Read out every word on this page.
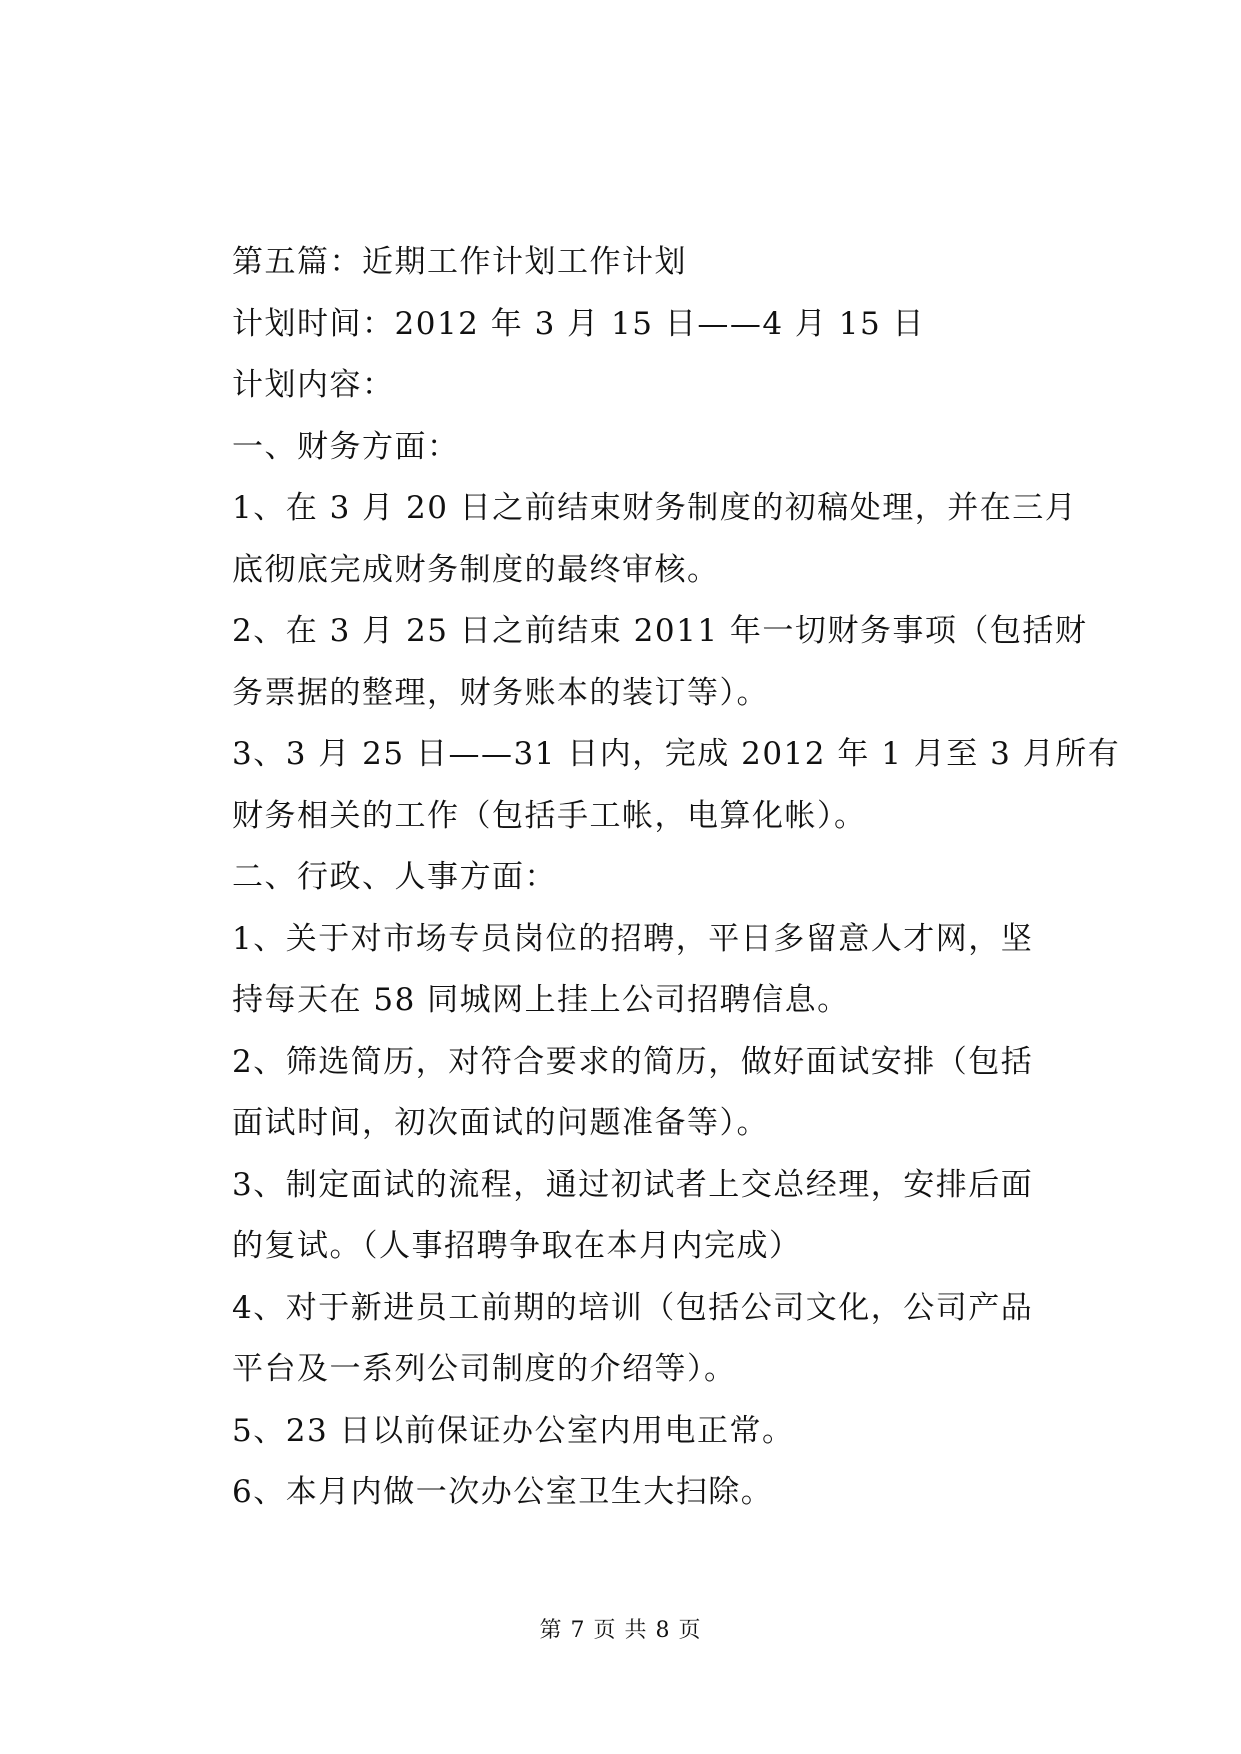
第五篇：近期工作计划工作计划
计划时间：2012 年 3 月 15 日——4 月 15 日
计划内容：
一、财务方面：
1、在 3 月 20 日之前结束财务制度的初稿处理，并在三月
底彻底完成财务制度的最终审核。
2、在 3 月 25 日之前结束 2011 年一切财务事项（包括财
务票据的整理，财务账本的装订等）。
3、3 月 25 日——31 日内，完成 2012 年 1 月至 3 月所有
财务相关的工作（包括手工帐，电算化帐）。
二、行政、人事方面：
1、关于对市场专员岗位的招聘，平日多留意人才网，坚
持每天在 58 同城网上挂上公司招聘信息。
2、筛选简历，对符合要求的简历，做好面试安排（包括
面试时间，初次面试的问题准备等）。
3、制定面试的流程，通过初试者上交总经理，安排后面
的复试。（人事招聘争取在本月内完成）
4、对于新进员工前期的培训（包括公司文化，公司产品
平台及一系列公司制度的介绍等）。
5、23 日以前保证办公室内用电正常。
6、本月内做一次办公室卫生大扫除。
第 7 页 共 8 页
